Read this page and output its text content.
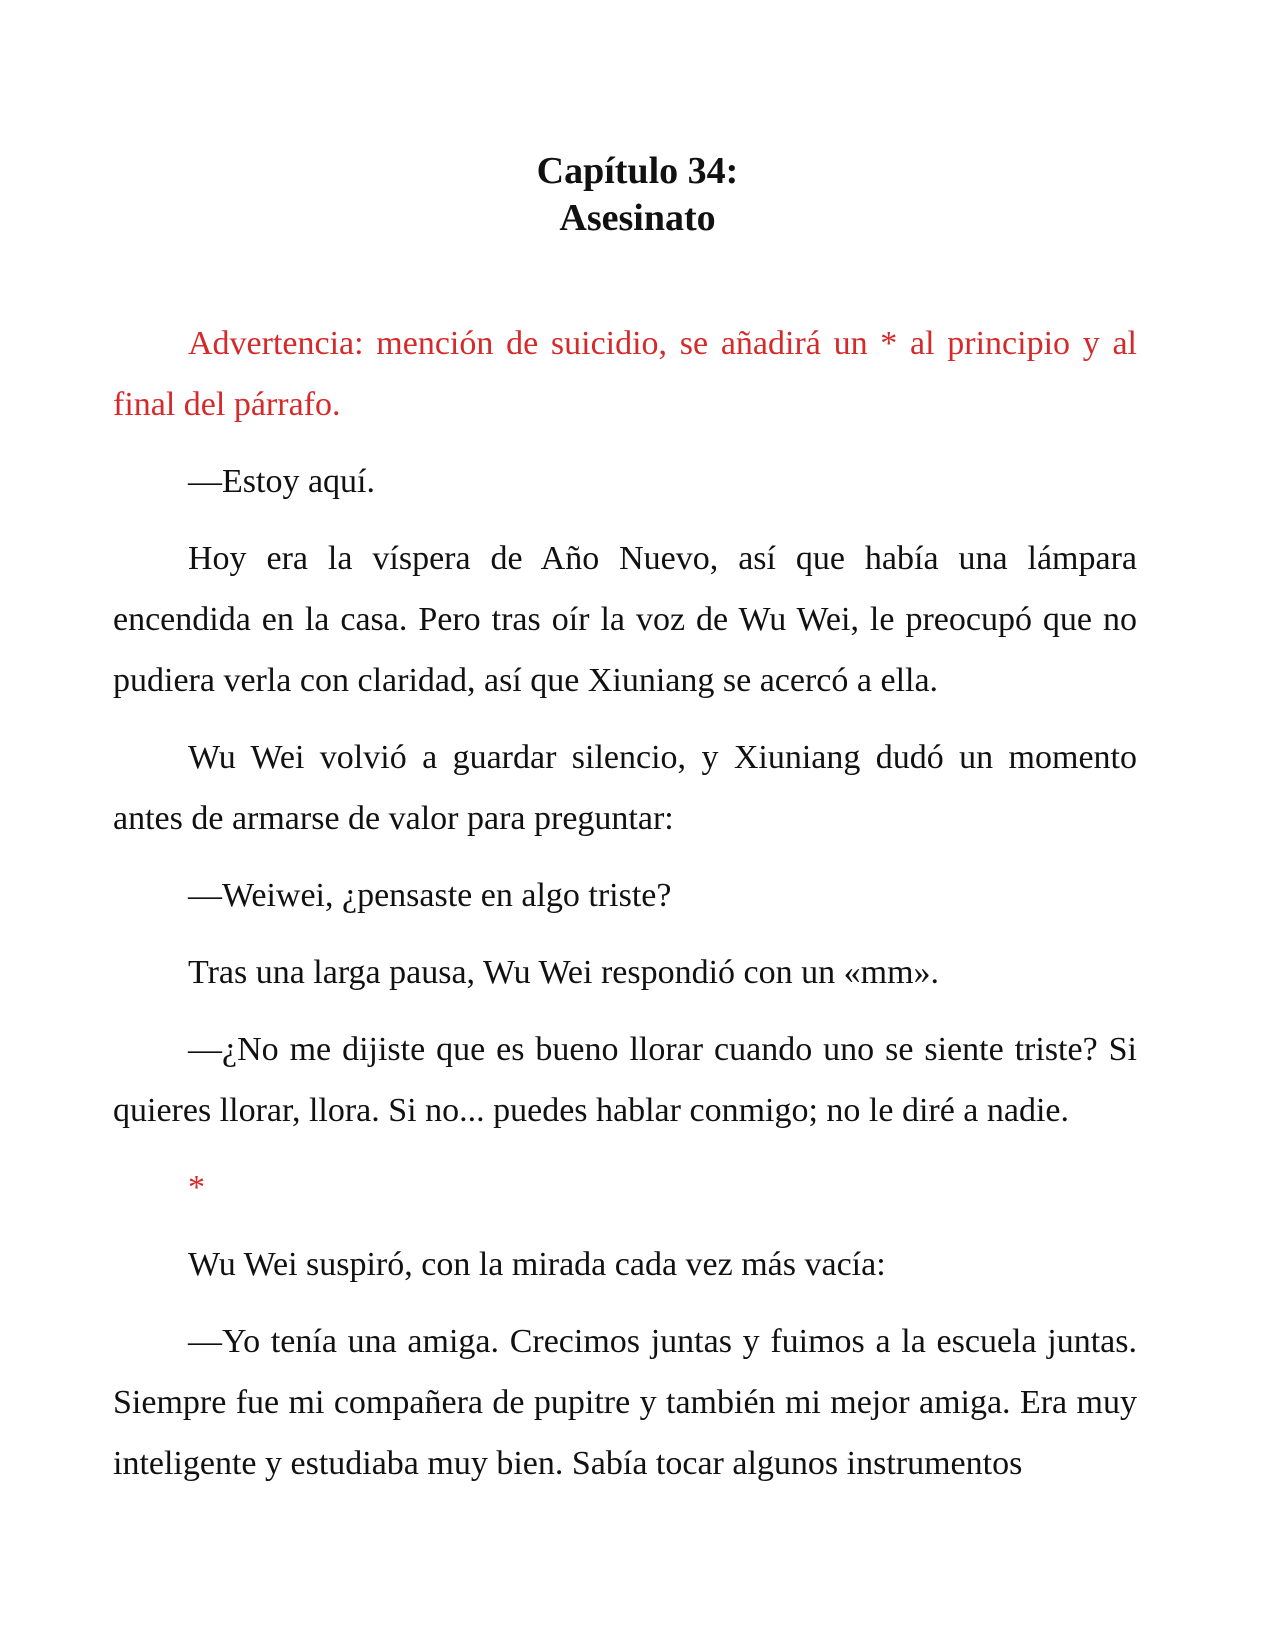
Capítulo 34:
Asesinato

Advertencia: mención de suicidio, se añadirá un * al principio y al final del párrafo.

—Estoy aquí.

Hoy era la víspera de Año Nuevo, así que había una lámpara encendida en la casa. Pero tras oír la voz de Wu Wei, le preocupó que no pudiera verla con claridad, así que Xiuniang se acercó a ella.

Wu Wei volvió a guardar silencio, y Xiuniang dudó un momento antes de armarse de valor para preguntar:

—Weiwei, ¿pensaste en algo triste?

Tras una larga pausa, Wu Wei respondió con un «mm».

—¿No me dijiste que es bueno llorar cuando uno se siente triste? Si quieres llorar, llora. Si no... puedes hablar conmigo; no le diré a nadie.

*

Wu Wei suspiró, con la mirada cada vez más vacía:

—Yo tenía una amiga. Crecimos juntas y fuimos a la escuela juntas. Siempre fue mi compañera de pupitre y también mi mejor amiga. Era muy inteligente y estudiaba muy bien. Sabía tocar algunos instrumentos
